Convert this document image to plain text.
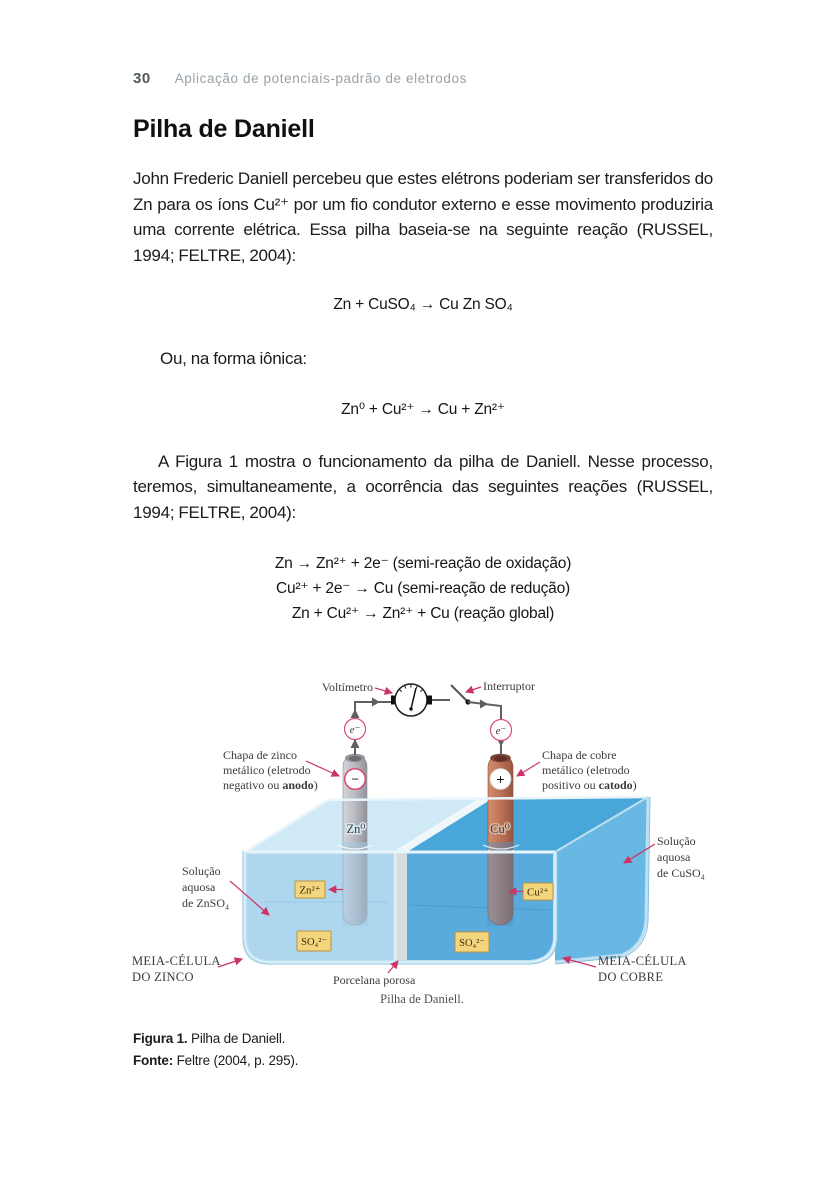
30 Aplicação de potenciais-padrão de eletrodos
Pilha de Daniell

John Frederic Daniell percebeu que estes elétrons poderiam ser transferidos do Zn para os íons Cu²⁺ por um fio condutor externo e esse movimento produziria uma corrente elétrica. Essa pilha baseia-se na seguinte reação (RUSSEL, 1994; FELTRE, 2004):

Zn + CuSO₄ → Cu Zn SO₄

Ou, na forma iônica:

Zn⁰ + Cu²⁺ → Cu + Zn²⁺

A Figura 1 mostra o funcionamento da pilha de Daniell. Nesse processo, teremos, simultaneamente, a ocorrência das seguintes reações (RUSSEL, 1994; FELTRE, 2004):

Zn → Zn²⁺ + 2e⁻ (semi-reação de oxidação)
Cu²⁺ + 2e⁻ → Cu (semi-reação de redução)
Zn + Cu²⁺ → Zn²⁺ + Cu (reação global)
−
Zn⁰
+
Cu⁰
Zn²⁺	Cu²⁺
SO₄²⁻	SO₄²⁻
e⁻	e⁻
Voltímetro	Interruptor
Chapa de zinco
metálico (eletrodo
negativo ou anodo)
Chapa de cobre
metálico (eletrodo
positivo ou catodo)
Solução
aquosa
de ZnSO₄
Solução
aquosa
de CuSO₄
MEIA-CÉLULA
DO ZINCO
MEIA-CÉLULA
DO COBRE
Porcelana porosa
Pilha de Daniell.
Figura 1. Pilha de Daniell.
Fonte: Feltre (2004, p. 295).
